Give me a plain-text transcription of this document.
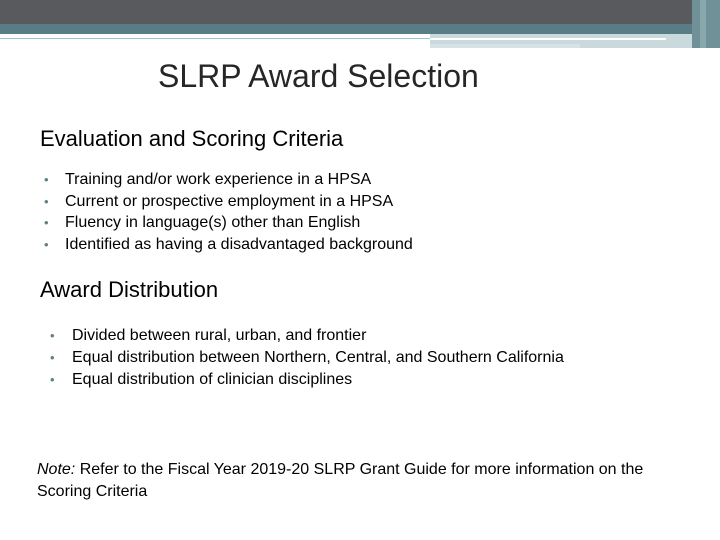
SLRP Award Selection
Evaluation and Scoring Criteria
• Training and/or work experience in a HPSA
• Current or prospective employment in a HPSA
• Fluency in language(s) other than English
• Identified as having a disadvantaged background
Award Distribution
• Divided between rural, urban, and frontier
• Equal distribution between Northern, Central, and Southern California
• Equal distribution of clinician disciplines

Note: Refer to the Fiscal Year 2019-20 SLRP Grant Guide for more information on the Scoring Criteria
